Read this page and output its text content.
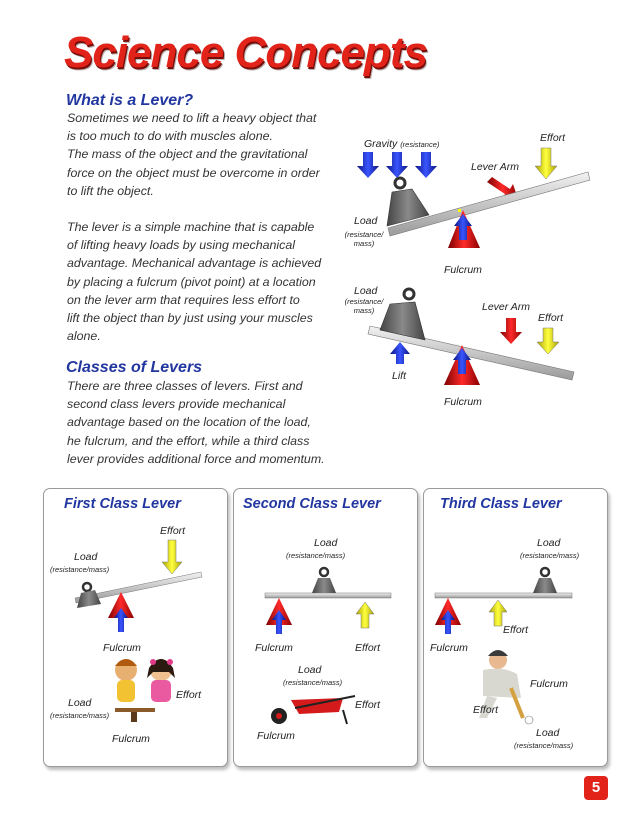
Science Concepts
What is a Lever?
Sometimes we need to lift a heavy object that
is too much to do with muscles alone.
The mass of the object and the gravitational
force on the object must be overcome in order
to lift the object.
The lever is a simple machine that is capable
of lifting heavy loads by using mechanical
advantage. Mechanical advantage is achieved
by placing a fulcrum (pivot point) at a location
on the lever arm that requires less effort to
lift the object than by just using your muscles
alone.
Classes of Levers
There are three classes of levers. First and
second class levers provide mechanical
advantage based on the location of the load,
he fulcrum, and the effort, while a third class
lever provides additional force and momentum.
Gravity (resistance)
Effort
Lever Arm
Load
(resistance/
mass)
Fulcrum
Load
(resistance/
mass)	Lever Arm
Effort
Lift
Fulcrum
First Class Lever	Second Class Lever	Third Class Lever
Effort
Load
(resistance/mass)
Fulcrum
Effort
Load
(resistance/mass)
Fulcrum
Load
(resistance/mass)
Fulcrum	Effort
Load
(resistance/mass)
Effort
Fulcrum
Load
(resistance/mass)
Effort
Fulcrum
Fulcrum
Effort
Load
(resistance/mass)
5
